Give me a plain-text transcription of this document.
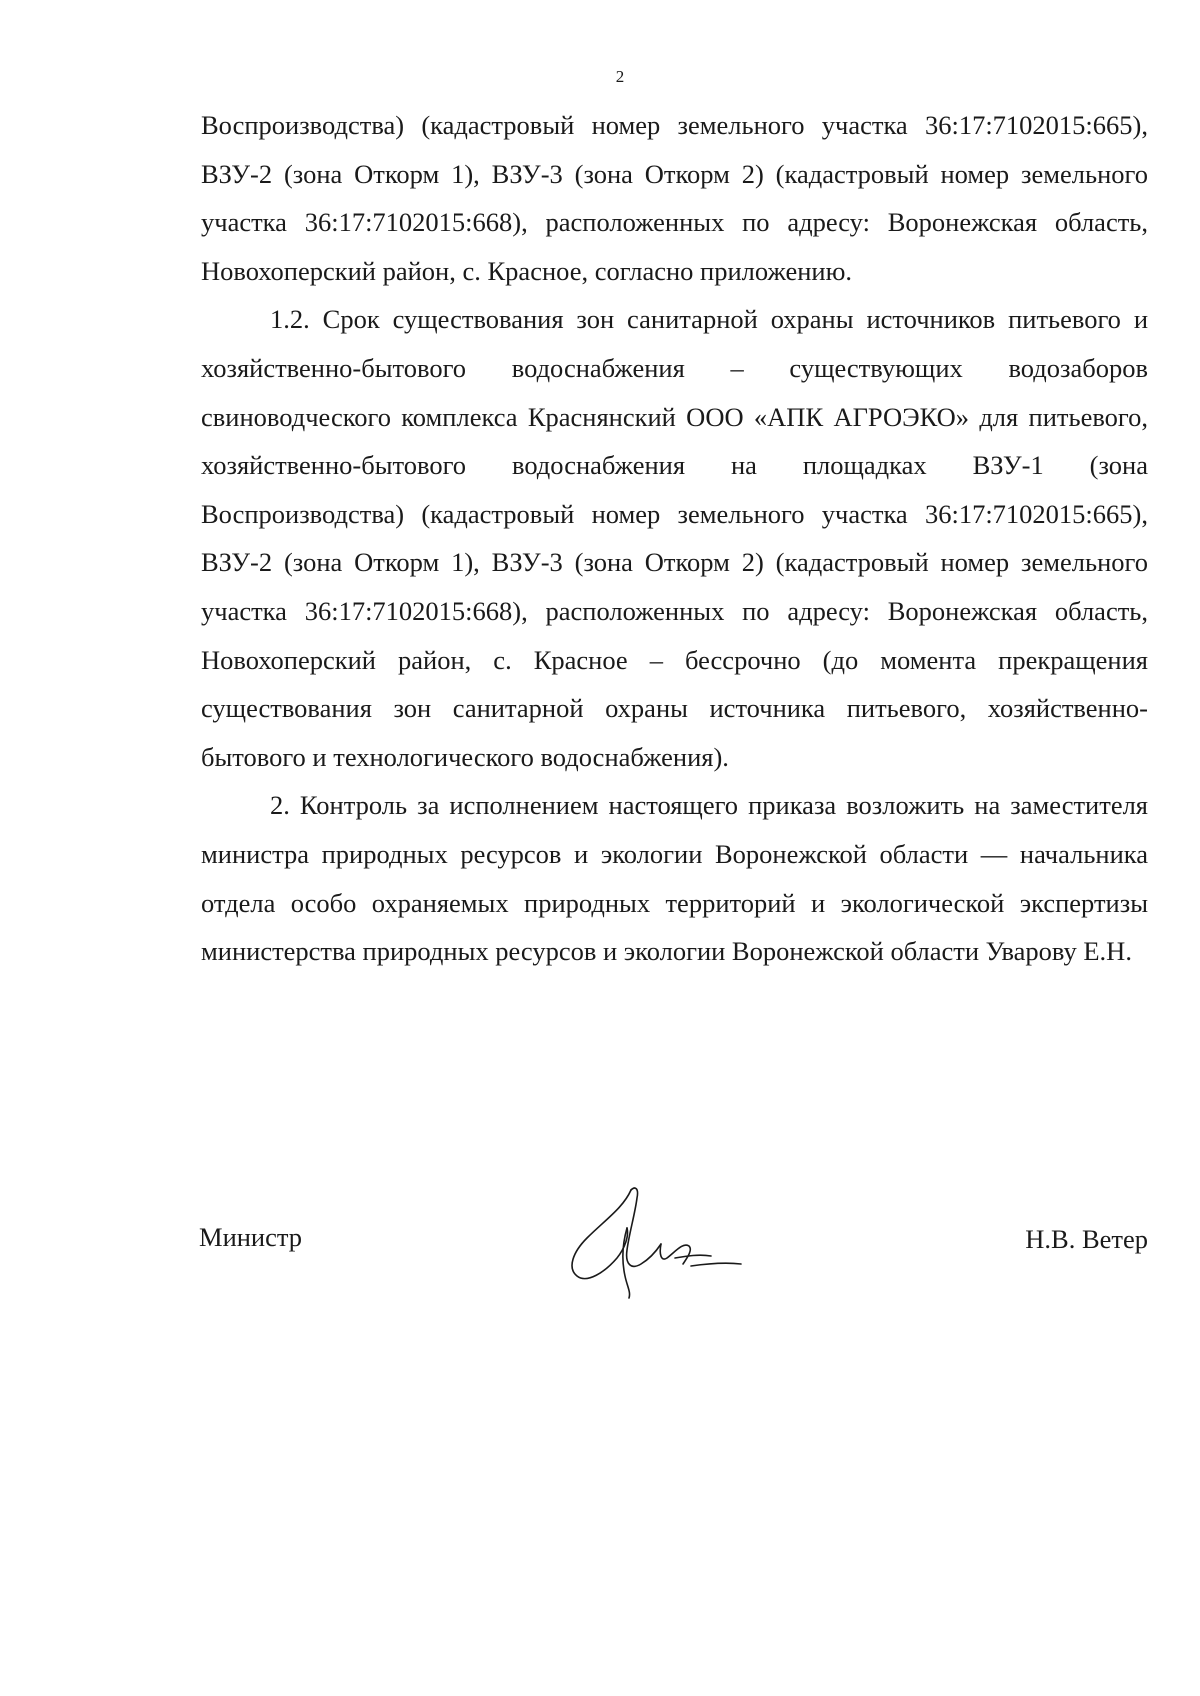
2

Воспроизводства) (кадастровый номер земельного участка 36:17:7102015:665), ВЗУ-2 (зона Откорм 1), ВЗУ-3 (зона Откорм 2) (кадастровый номер земельного участка 36:17:7102015:668), расположенных по адресу: Воронежская область, Новохоперский район, с. Красное, согласно приложению.

1.2. Срок существования зон санитарной охраны источников питьевого и хозяйственно-бытового водоснабжения – существующих водозаборов свиноводческого комплекса Краснянский ООО «АПК АГРОЭКО» для питьевого, хозяйственно-бытового водоснабжения на площадках ВЗУ-1 (зона Воспроизводства) (кадастровый номер земельного участка 36:17:7102015:665), ВЗУ-2 (зона Откорм 1), ВЗУ-3 (зона Откорм 2) (кадастровый номер земельного участка 36:17:7102015:668), расположенных по адресу: Воронежская область, Новохоперский район, с. Красное – бессрочно (до момента прекращения существования зон санитарной охраны источника питьевого, хозяйственно-бытового и технологического водоснабжения).

2. Контроль за исполнением настоящего приказа возложить на заместителя министра природных ресурсов и экологии Воронежской области — начальника отдела особо охраняемых природных территорий и экологической экспертизы министерства природных ресурсов и экологии Воронежской области Уварову Е.Н.

Министр	Н.В. Ветер
